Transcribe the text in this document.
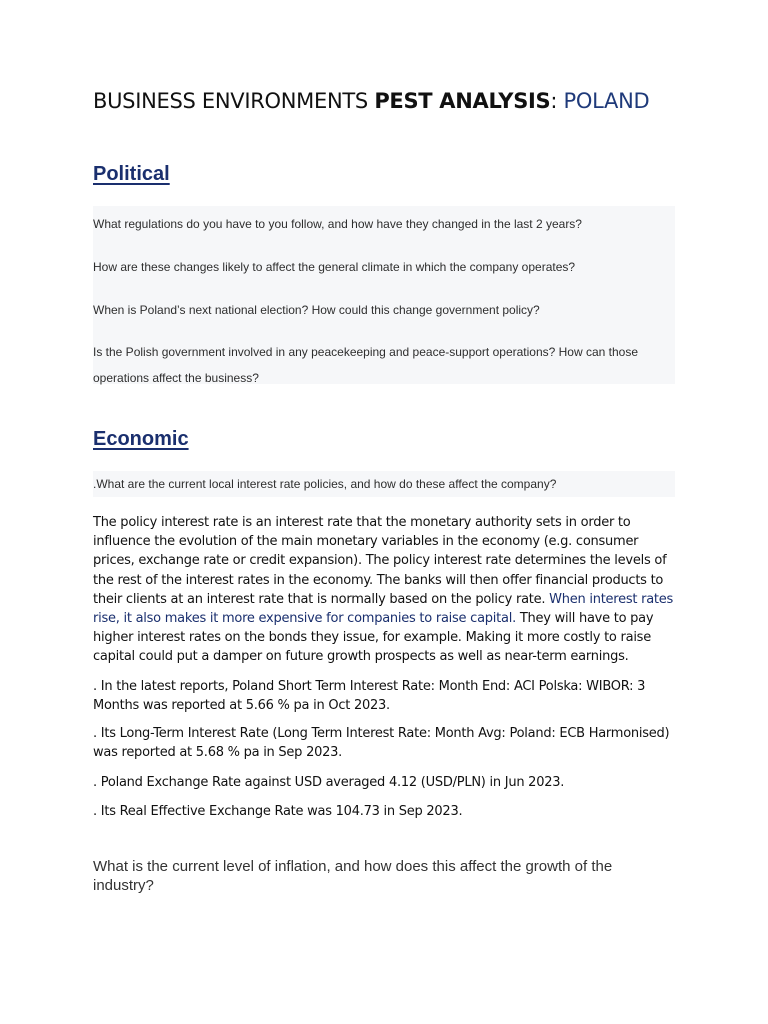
BUSINESS ENVIRONMENTS PEST ANALYSIS: POLAND
Political
What regulations do you have to you follow, and how have they changed in the last 2 years?
How are these changes likely to affect the general climate in which the company operates?
When is Poland’s next national election? How could this change government policy?
Is the Polish government involved in any peacekeeping and peace-support operations? How can those operations affect the business?
Economic
.What are the current local interest rate policies, and how do these affect the company?
The policy interest rate is an interest rate that the monetary authority sets in order to influence the evolution of the main monetary variables in the economy (e.g. consumer prices, exchange rate or credit expansion). The policy interest rate determines the levels of the rest of the interest rates in the economy. The banks will then offer financial products to their clients at an interest rate that is normally based on the policy rate. When interest rates rise, it also makes it more expensive for companies to raise capital. They will have to pay higher interest rates on the bonds they issue, for example. Making it more costly to raise capital could put a damper on future growth prospects as well as near-term earnings.
. In the latest reports, Poland Short Term Interest Rate: Month End: ACI Polska: WIBOR: 3 Months was reported at 5.66 % pa in Oct 2023.
. Its Long-Term Interest Rate (Long Term Interest Rate: Month Avg: Poland: ECB Harmonised) was reported at 5.68 % pa in Sep 2023.
. Poland Exchange Rate against USD averaged 4.12 (USD/PLN) in Jun 2023.
. Its Real Effective Exchange Rate was 104.73 in Sep 2023.
What is the current level of inflation, and how does this affect the growth of the industry?
